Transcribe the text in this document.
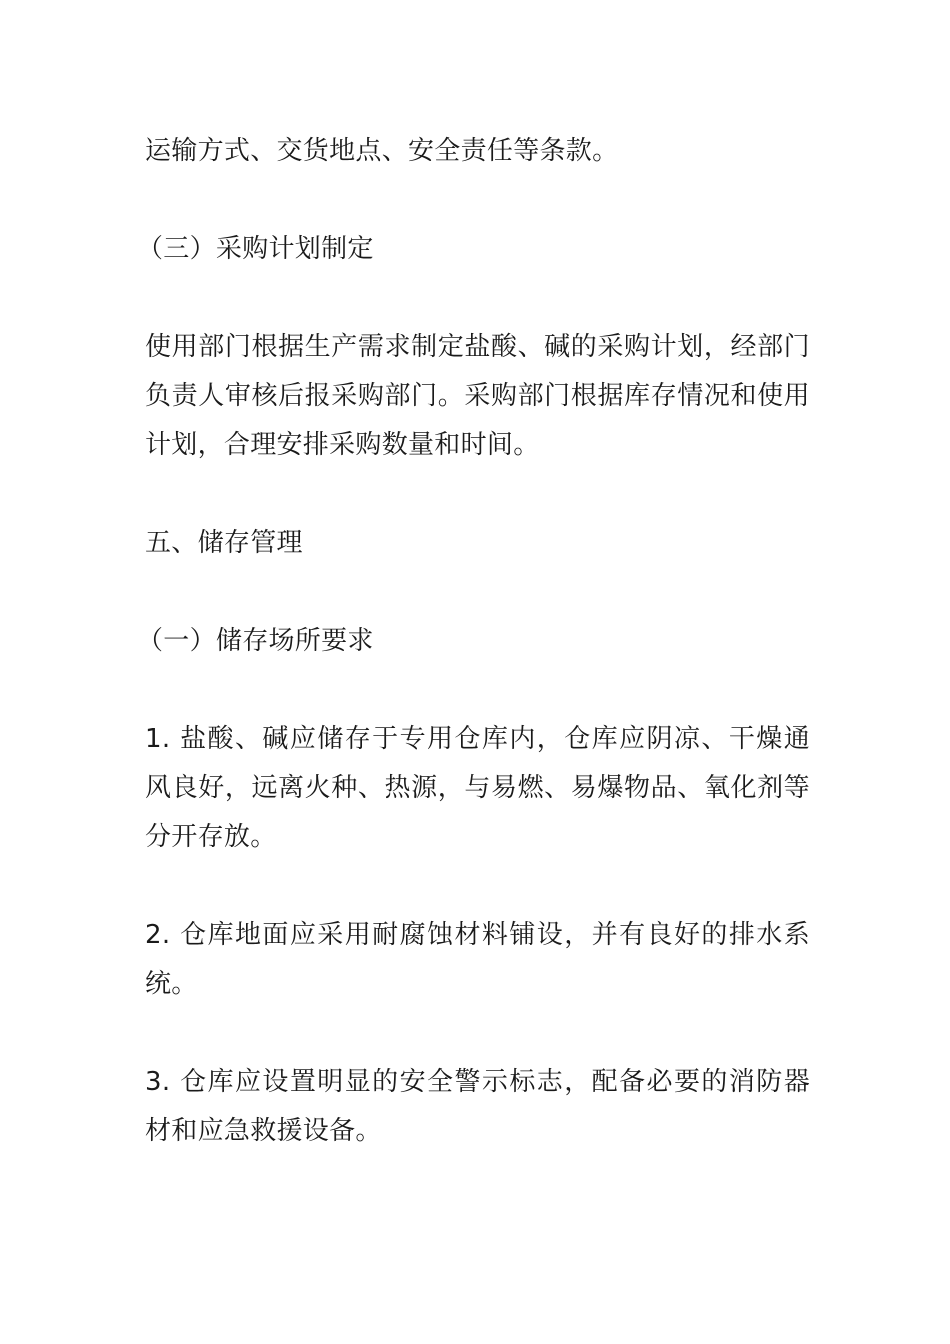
运输方式、交货地点、安全责任等条款。

（三）采购计划制定

使用部门根据生产需求制定盐酸、碱的采购计划，经部门负责人审核后报采购部门。采购部门根据库存情况和使用计划，合理安排采购数量和时间。

五、储存管理

（一）储存场所要求

1. 盐酸、碱应储存于专用仓库内，仓库应阴凉、干燥通风良好，远离火种、热源，与易燃、易爆物品、氧化剂等分开存放。

2. 仓库地面应采用耐腐蚀材料铺设，并有良好的排水系统。

3. 仓库应设置明显的安全警示标志，配备必要的消防器材和应急救援设备。
